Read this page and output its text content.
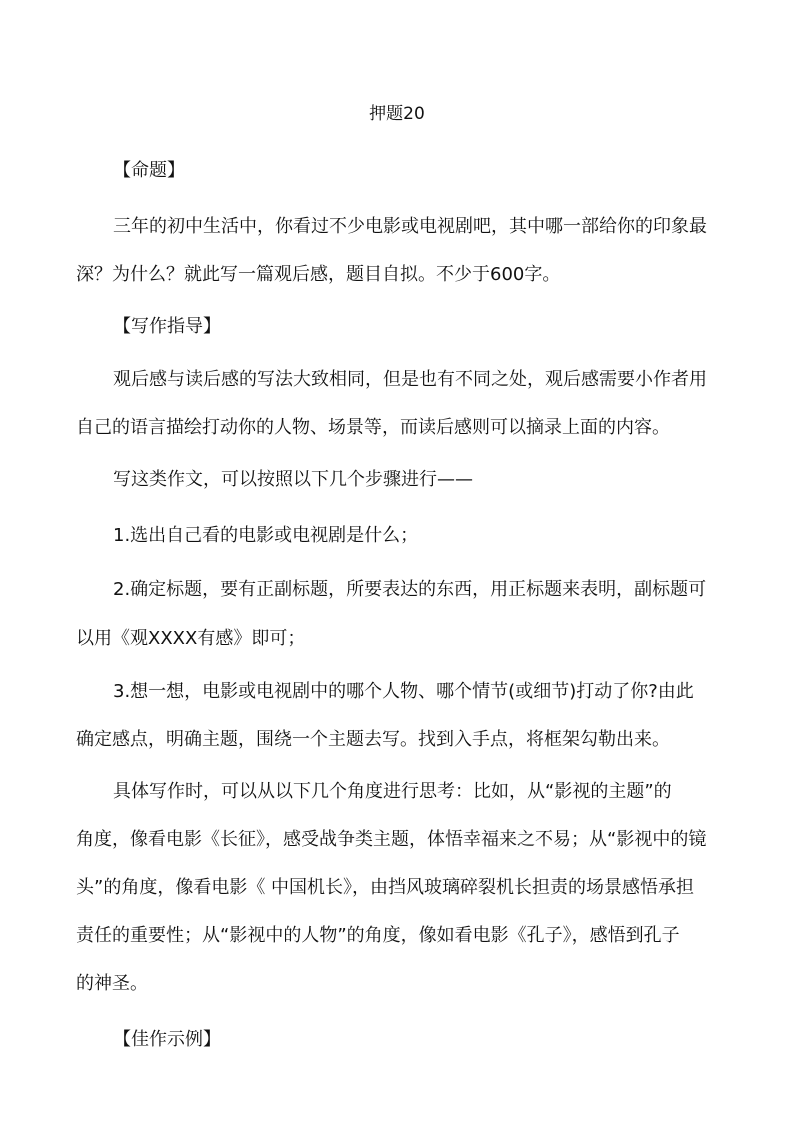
押题20
【命题】
三年的初中生活中，你看过不少电影或电视剧吧，其中哪一部给你的印象最
深？为什么？就此写一篇观后感，题目自拟。不少于600字。
【写作指导】
观后感与读后感的写法大致相同，但是也有不同之处，观后感需要小作者用
自己的语言描绘打动你的人物、场景等，而读后感则可以摘录上面的内容。
写这类作文，可以按照以下几个步骤进行——
1.选出自己看的电影或电视剧是什么；
2.确定标题，要有正副标题，所要表达的东西，用正标题来表明，副标题可
以用《观XXXX有感》即可；
3.想一想，电影或电视剧中的哪个人物、哪个情节(或细节)打动了你?由此
确定感点，明确主题，围绕一个主题去写。找到入手点，将框架勾勒出来。
具体写作时，可以从以下几个角度进行思考：比如，从“影视的主题”的
角度，像看电影《长征》，感受战争类主题，体悟幸福来之不易；从“影视中的镜
头”的角度，像看电影《 中国机长》，由挡风玻璃碎裂机长担责的场景感悟承担
责任的重要性；从“影视中的人物”的角度，像如看电影《孔子》，感悟到孔子
的神圣。
【佳作示例】
